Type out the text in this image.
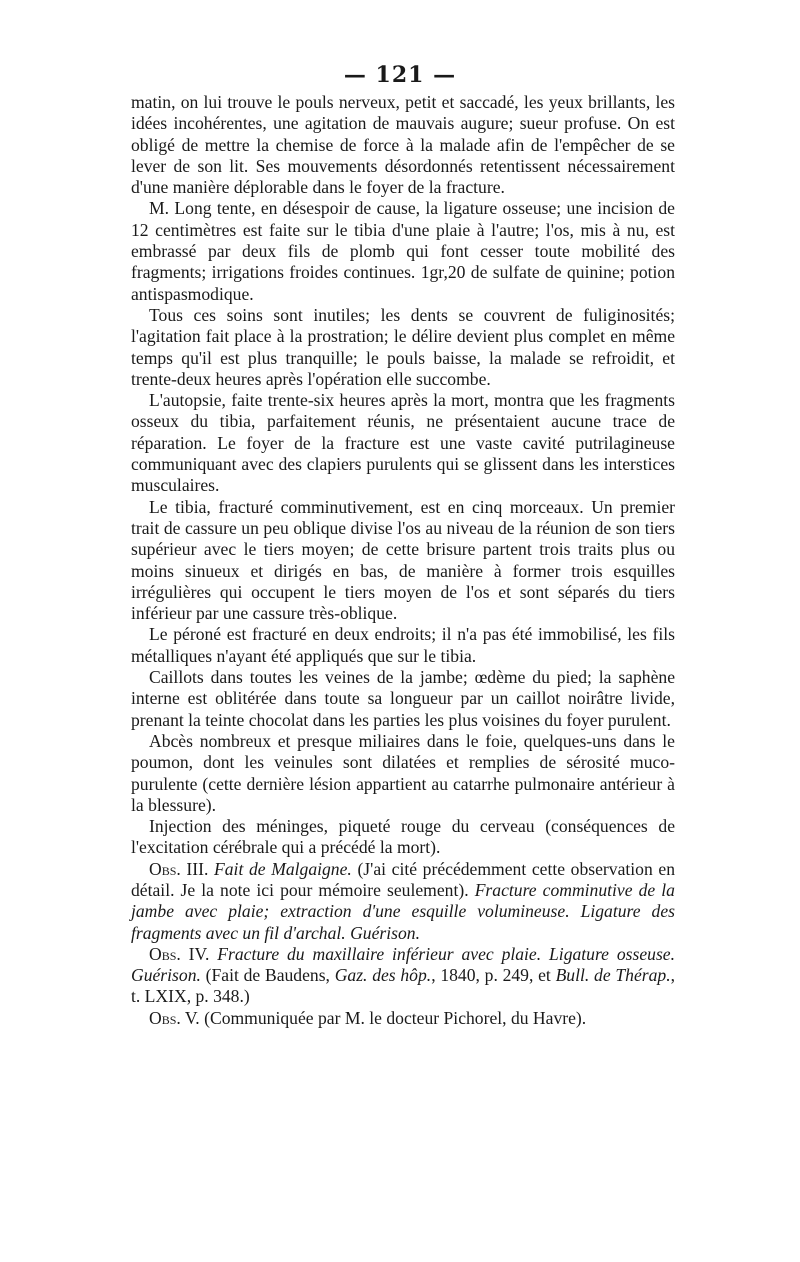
— 121 —

matin, on lui trouve le pouls nerveux, petit et saccadé, les yeux brillants, les idées incohérentes, une agitation de mauvais augure; sueur profuse. On est obligé de mettre la chemise de force à la malade afin de l'empêcher de se lever de son lit. Ses mouvements désordonnés retentissent nécessairement d'une manière déplorable dans le foyer de la fracture.

M. Long tente, en désespoir de cause, la ligature osseuse; une incision de 12 centimètres est faite sur le tibia d'une plaie à l'autre; l'os, mis à nu, est embrassé par deux fils de plomb qui font cesser toute mobilité des fragments; irrigations froides continues. 1gr,20 de sulfate de quinine; potion antispasmodique.

Tous ces soins sont inutiles; les dents se couvrent de fuliginosités; l'agitation fait place à la prostration; le délire devient plus complet en même temps qu'il est plus tranquille; le pouls baisse, la malade se refroidit, et trente-deux heures après l'opération elle succombe.

L'autopsie, faite trente-six heures après la mort, montra que les fragments osseux du tibia, parfaitement réunis, ne présentaient aucune trace de réparation. Le foyer de la fracture est une vaste cavité putrilagineuse communiquant avec des clapiers purulents qui se glissent dans les interstices musculaires.

Le tibia, fracturé comminutivement, est en cinq morceaux. Un premier trait de cassure un peu oblique divise l'os au niveau de la réunion de son tiers supérieur avec le tiers moyen; de cette brisure partent trois traits plus ou moins sinueux et dirigés en bas, de manière à former trois esquilles irrégulières qui occupent le tiers moyen de l'os et sont séparés du tiers inférieur par une cassure très-oblique.

Le péroné est fracturé en deux endroits; il n'a pas été immobilisé, les fils métalliques n'ayant été appliqués que sur le tibia.

Caillots dans toutes les veines de la jambe; œdème du pied; la saphène interne est oblitérée dans toute sa longueur par un caillot noirâtre livide, prenant la teinte chocolat dans les parties les plus voisines du foyer purulent.

Abcès nombreux et presque miliaires dans le foie, quelques-uns dans le poumon, dont les veinules sont dilatées et remplies de sérosité muco-purulente (cette dernière lésion appartient au catarrhe pulmonaire antérieur à la blessure).

Injection des méninges, piqueté rouge du cerveau (conséquences de l'excitation cérébrale qui a précédé la mort).

Obs. III. Fait de Malgaigne. (J'ai cité précédemment cette observation en détail. Je la note ici pour mémoire seulement). Fracture comminutive de la jambe avec plaie; extraction d'une esquille volumineuse. Ligature des fragments avec un fil d'archal. Guérison.

Obs. IV. Fracture du maxillaire inférieur avec plaie. Ligature osseuse. Guérison. (Fait de Baudens, Gaz. des hôp., 1840, p. 249, et Bull. de Thérap., t. LXIX, p. 348.)

Obs. V. (Communiquée par M. le docteur Pichorel, du Havre).
